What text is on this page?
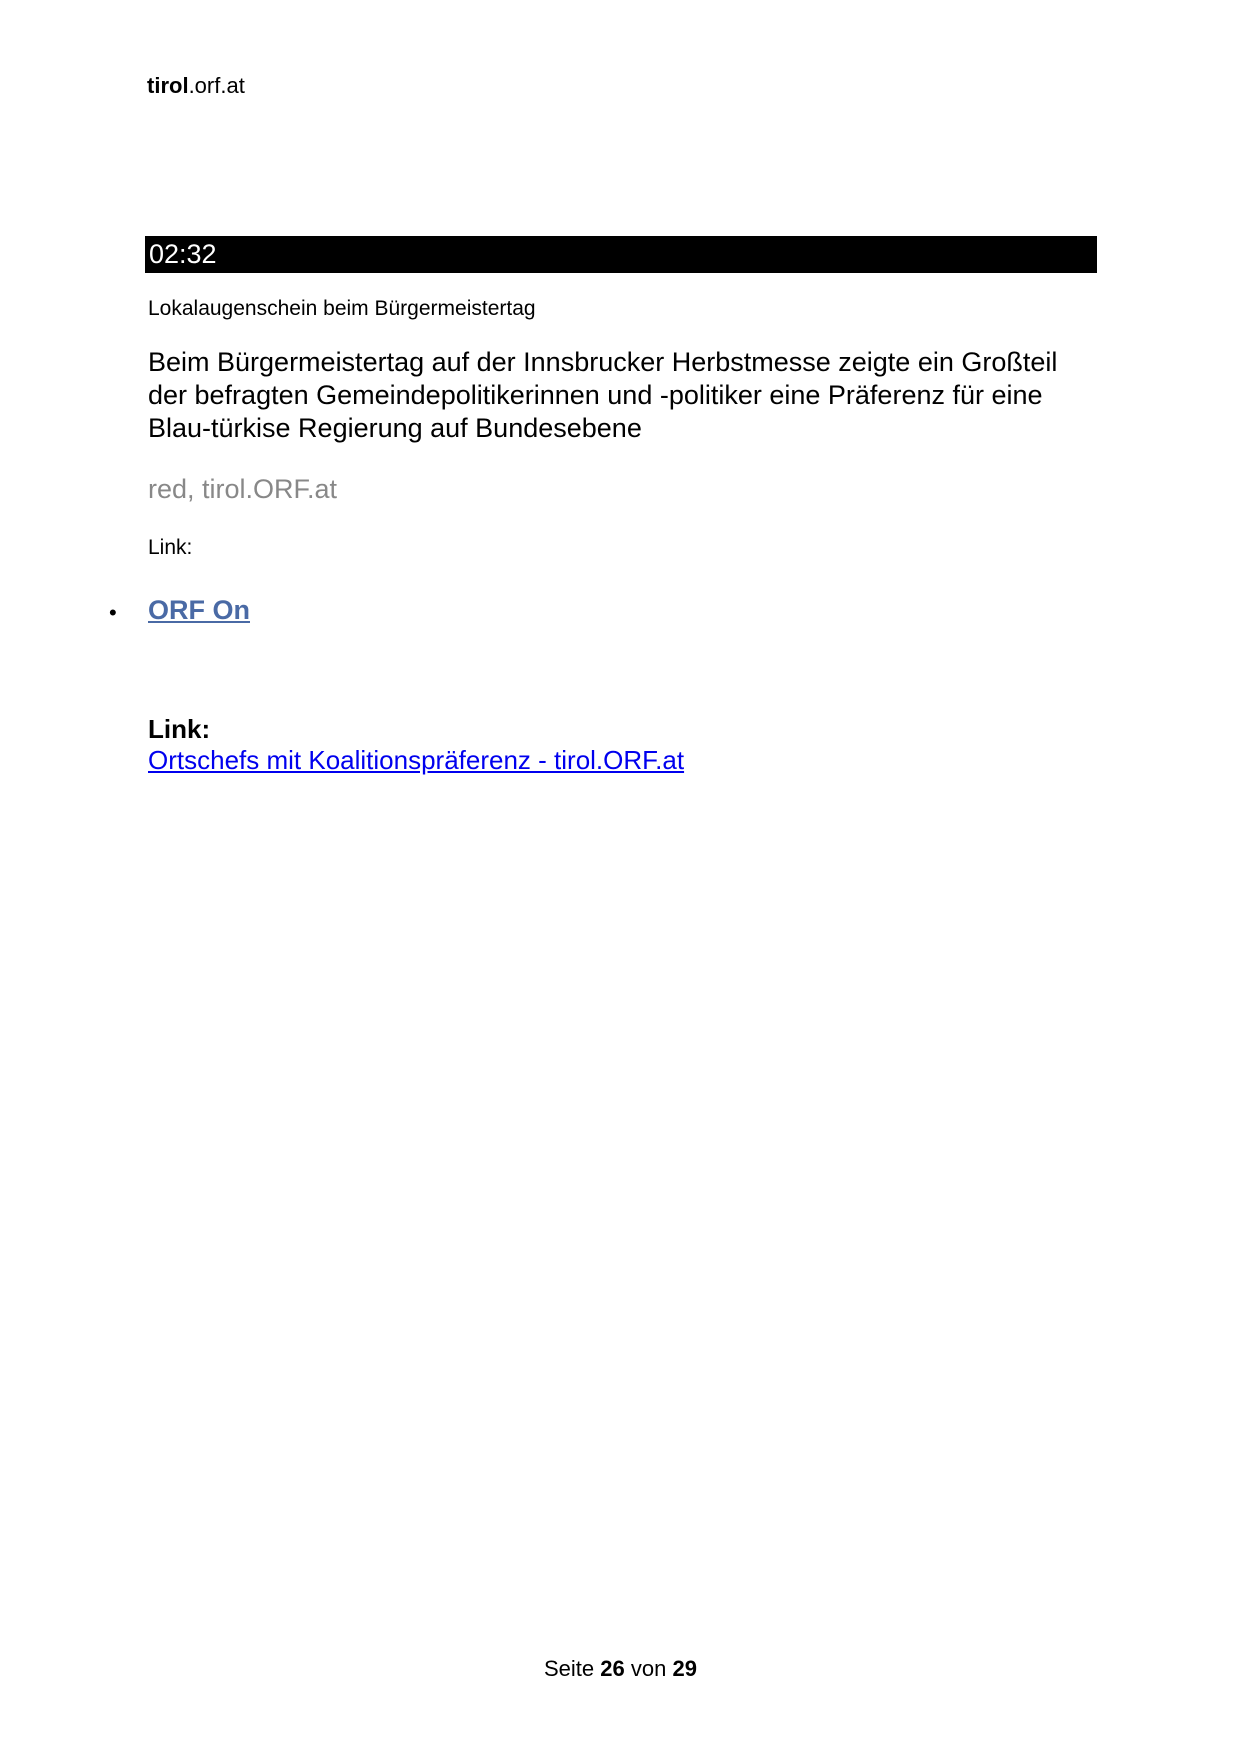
tirol.orf.at
02:32
Lokalaugenschein beim Bürgermeistertag
Beim Bürgermeistertag auf der Innsbrucker Herbstmesse zeigte ein Großteil der befragten Gemeindepolitikerinnen und -politiker eine Präferenz für eine Blau-türkise Regierung auf Bundesebene
red, tirol.ORF.at
Link:
• ORF On
Link:
Ortschefs mit Koalitionspräferenz - tirol.ORF.at
Seite 26 von 29
